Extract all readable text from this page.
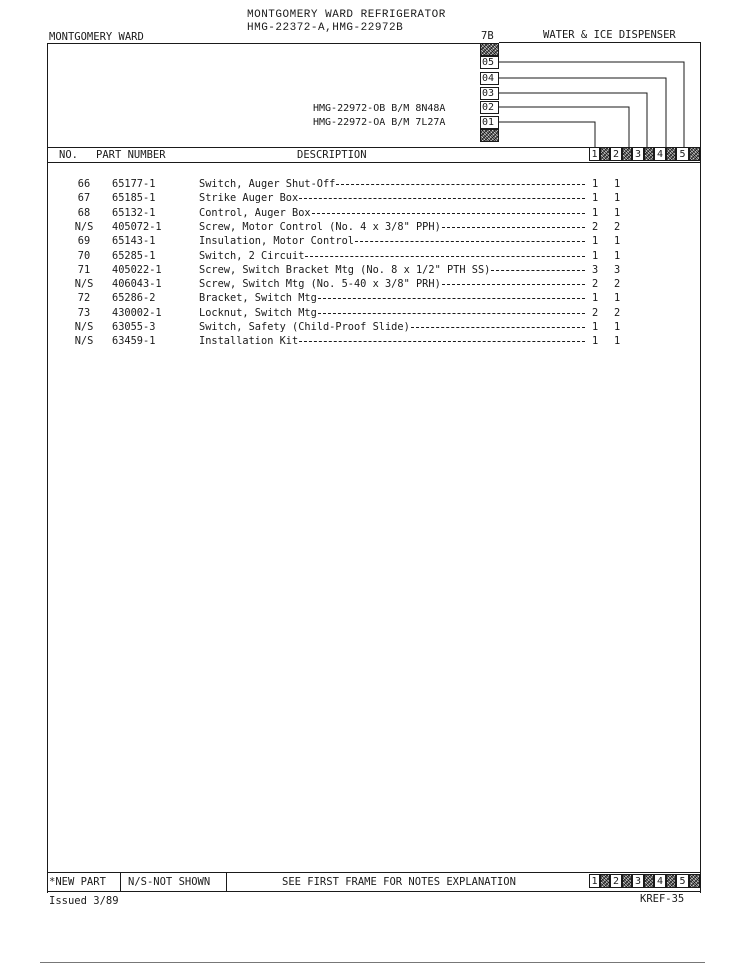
MONTGOMERY WARD REFRIGERATOR
HMG-22372-A,HMG-22972B
MONTGOMERY WARD	7B	WATER & ICE DISPENSER
05
04
03
02
01
HMG-22972-OB B/M 8N48A
HMG-22972-OA B/M 7L27A
NO. PART NUMBER	DESCRIPTION	1 2 3 4	5
66	65177-1	Switch, Auger Shut-Off	1 1
67	65185-1	Strike Auger Box	1 1
68	65132-1	Control, Auger Box	1 1
N/S	405072-1	Screw, Motor Control (No. 4 x 3/8" PPH)	2 2
69	65143-1	Insulation, Motor Control	1 1
70	65285-1	Switch, 2 Circuit	1 1
71	405022-1	Screw, Switch Bracket Mtg (No. 8 x 1/2" PTH SS)	3 3
N/S	406043-1	Screw, Switch Mtg (No. 5-40 x 3/8" PRH)	2 2
72	65286-2	Bracket, Switch Mtg	1 1
73	430002-1	Locknut, Switch Mtg	2 2
N/S	63055-3	Switch, Safety (Child-Proof Slide)	1 1
N/S	63459-1	Installation Kit	1 1
*NEW PART N/S-NOT SHOWN	SEE FIRST FRAME FOR NOTES EXPLANATION	1 2 3 4	5
Issued 3/89	KREF-35
